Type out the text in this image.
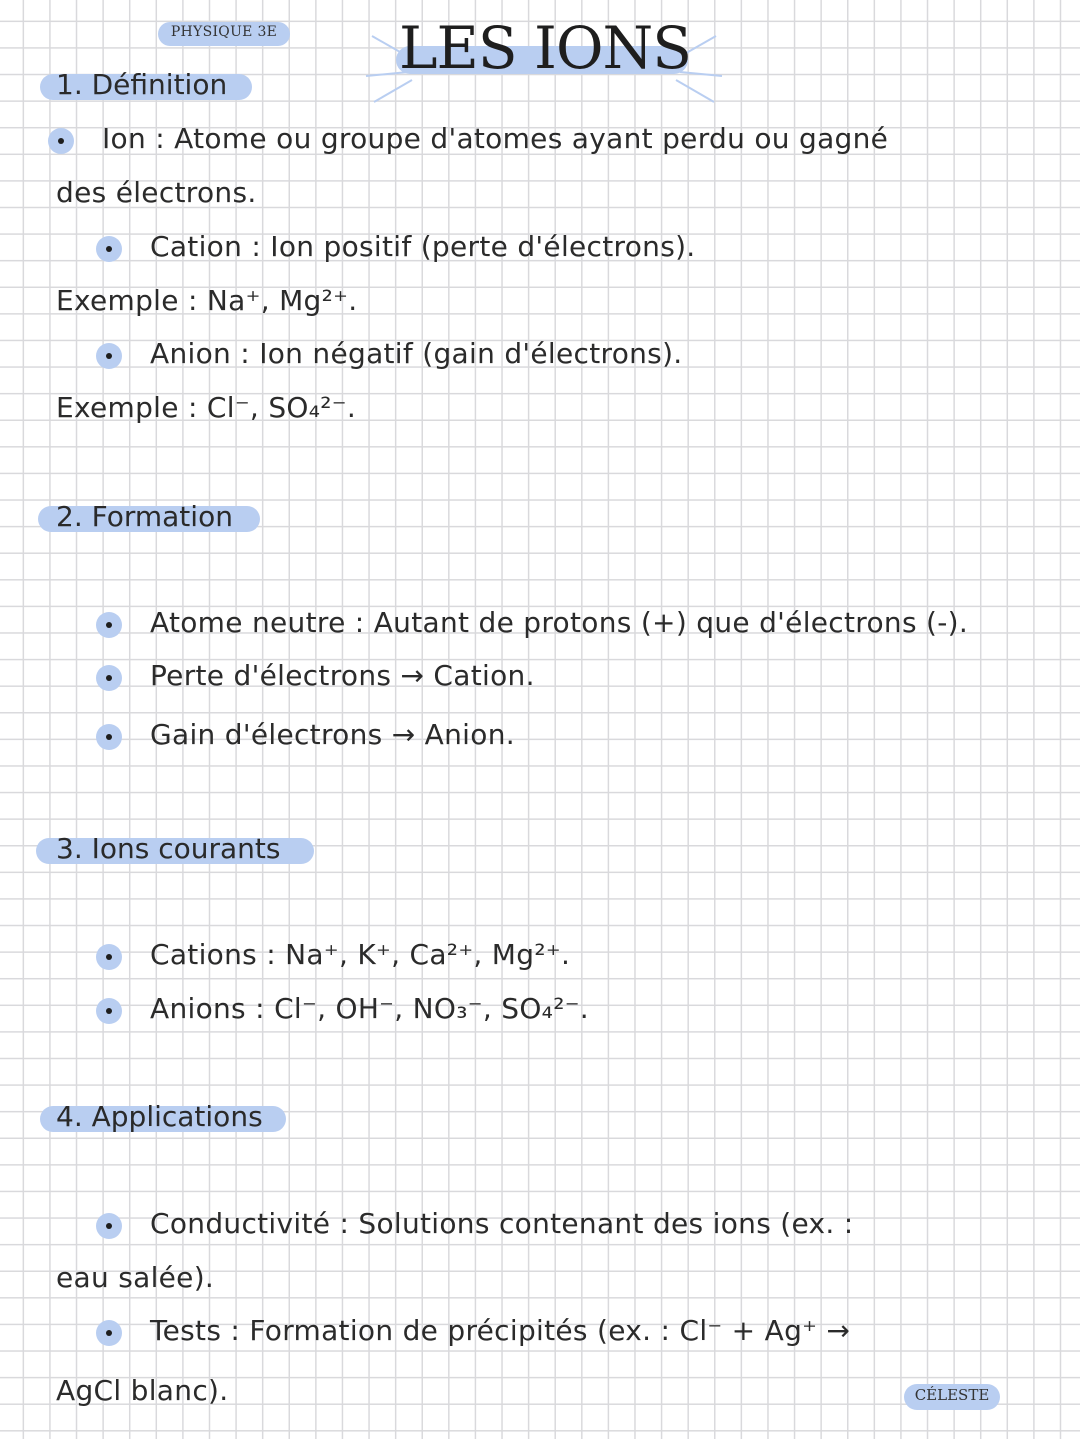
PHYSIQUE 3E	LES IONS
1. Définition
Ion : Atome ou groupe d'atomes ayant perdu ou gagné
des électrons.
Cation : Ion positif (perte d'électrons).
Exemple : Na⁺, Mg²⁺.
Anion : Ion négatif (gain d'électrons).
Exemple : Cl⁻, SO₄²⁻.
2. Formation
Atome neutre : Autant de protons (+) que d'électrons (-).
Perte d'électrons → Cation.
Gain d'électrons → Anion.
3. Ions courants
Cations : Na⁺, K⁺, Ca²⁺, Mg²⁺.
Anions : Cl⁻, OH⁻, NO₃⁻, SO₄²⁻.
4. Applications
Conductivité : Solutions contenant des ions (ex. :
eau salée).
Tests : Formation de précipités (ex. : Cl⁻ + Ag⁺ →
AgCl blanc).	CÉLESTE
